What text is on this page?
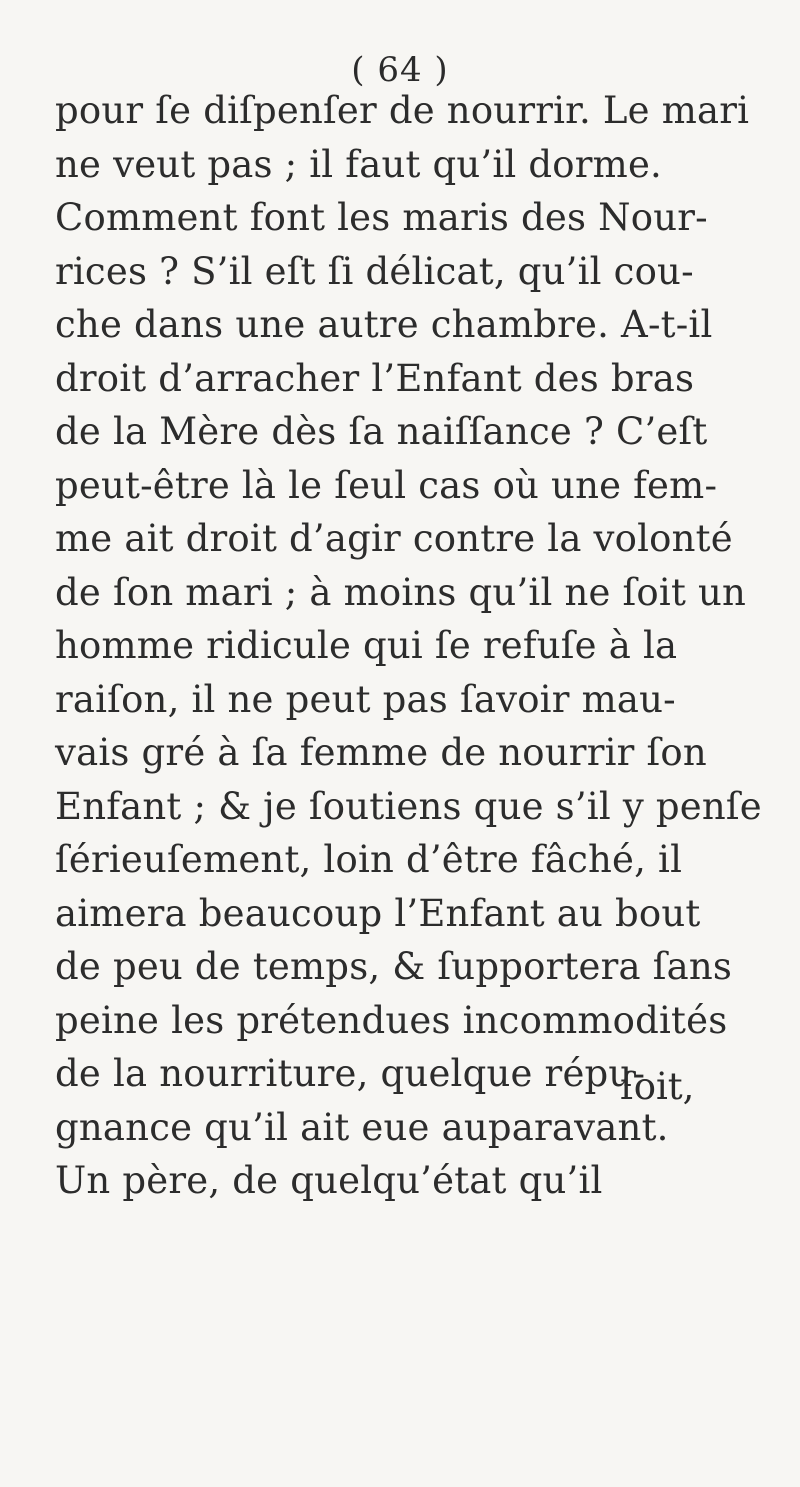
( 64 )
pour ſe diſpenſer de nourrir. Le mari
ne veut pas ; il faut qu’il dorme.
Comment font les maris des Nour-
rices ? S’il eſt ſi délicat, qu’il cou-
che dans une autre chambre. A-t-il
droit d’arracher l’Enfant des bras
de la Mère dès ſa naiſſance ? C’eſt
peut-être là le ſeul cas où une fem-
me ait droit d’agir contre la volonté
de ſon mari ; à moins qu’il ne ſoit un
homme ridicule qui ſe refuſe à la
raiſon, il ne peut pas ſavoir mau-
vais gré à ſa femme de nourrir ſon
Enfant ; & je ſoutiens que s’il y penſe
ſérieuſement, loin d’être fâché, il
aimera beaucoup l’Enfant au bout
de peu de temps, & ſupportera ſans
peine les prétendues incommodités
de la nourriture, quelque répu-
gnance qu’il ait eue auparavant.
Un père, de quelqu’état qu’il
ſoit,
